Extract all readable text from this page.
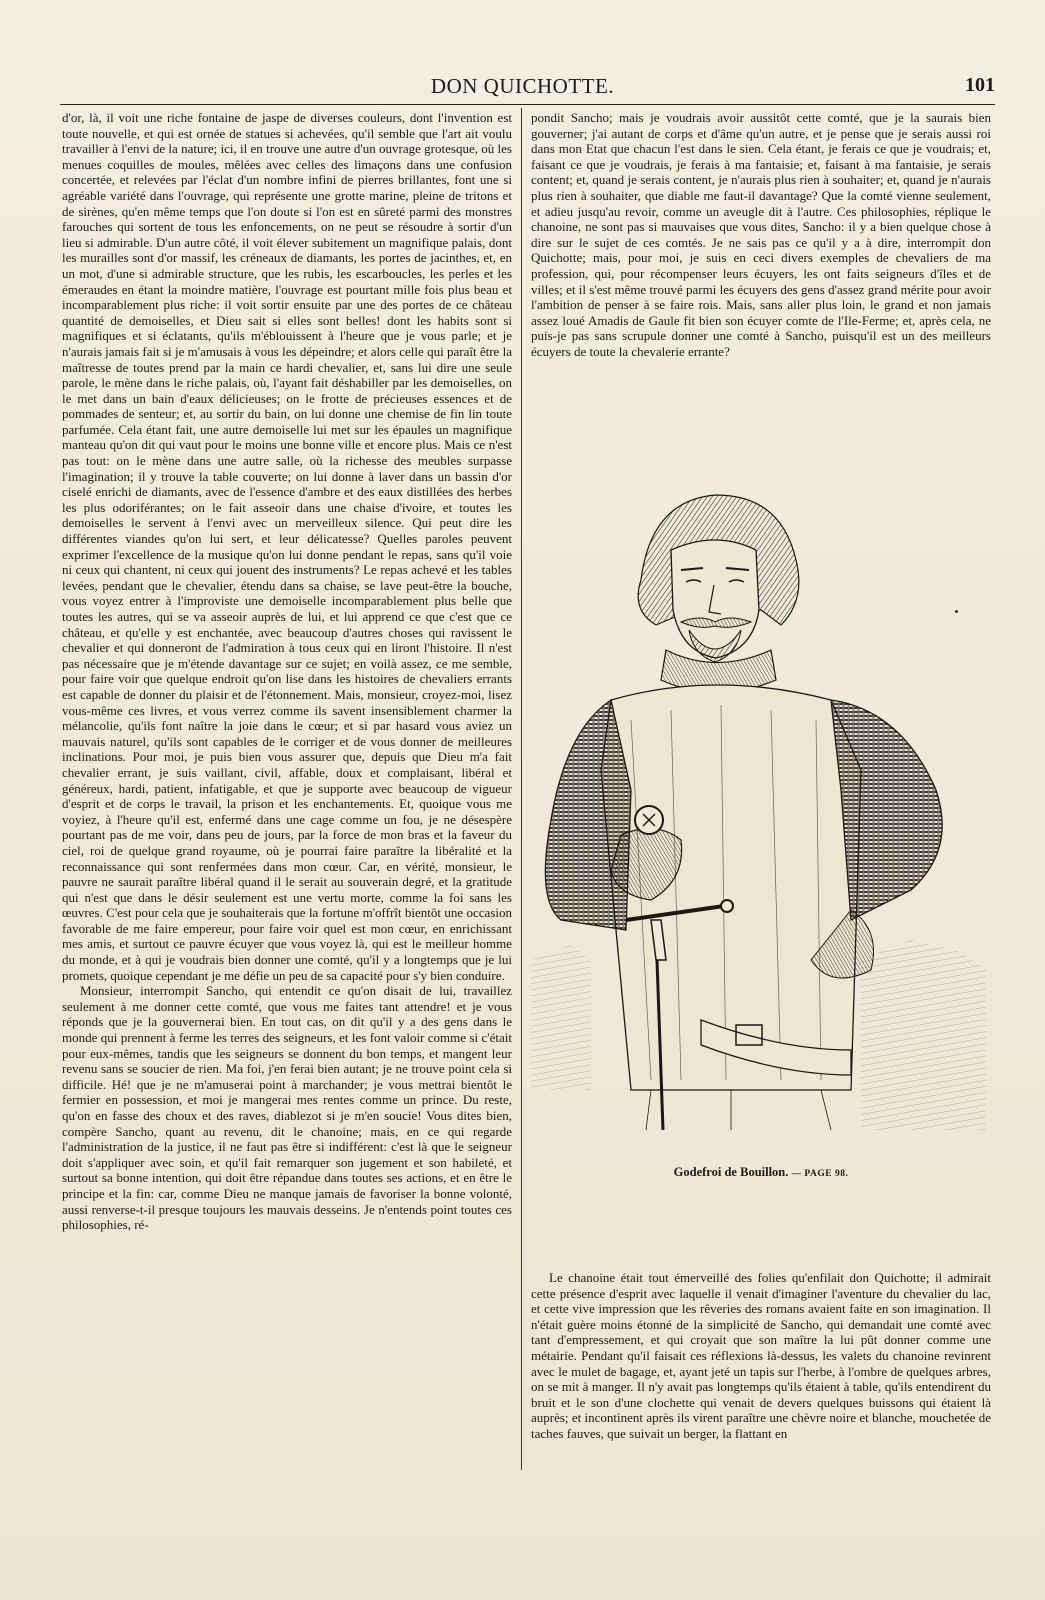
DON QUICHOTTE.	101

d'or, là, il voit une riche fontaine de jaspe de diverses couleurs, dont l'invention est toute nouvelle, et qui est ornée de statues si achevées, qu'il semble que l'art ait voulu travailler à l'envi de la nature; ici, il en trouve une autre d'un ouvrage grotesque, où les menues coquilles de moules, mêlées avec celles des limaçons dans une confusion concertée, et relevées par l'éclat d'un nombre infini de pierres brillantes, font une si agréable variété dans l'ouvrage, qui représente une grotte marine, pleine de tritons et de sirènes, qu'en même temps que l'on doute si l'on est en sûreté parmi des monstres farouches qui sortent de tous les enfoncements, on ne peut se résoudre à sortir d'un lieu si admirable. D'un autre côté, il voit élever subitement un magnifique palais, dont les murailles sont d'or massif, les créneaux de diamants, les portes de jacinthes, et, en un mot, d'une si admirable structure, que les rubis, les escarboucles, les perles et les émeraudes en étant la moindre matière, l'ouvrage est pourtant mille fois plus beau et incomparablement plus riche: il voit sortir ensuite par une des portes de ce château quantité de demoiselles, et Dieu sait si elles sont belles! dont les habits sont si magnifiques et si éclatants, qu'ils m'éblouissent à l'heure que je vous parle; et je n'aurais jamais fait si je m'amusais à vous les dépeindre; et alors celle qui paraît être la maîtresse de toutes prend par la main ce hardi chevalier, et, sans lui dire une seule parole, le mène dans le riche palais, où, l'ayant fait déshabiller par les demoiselles, on le met dans un bain d'eaux délicieuses; on le frotte de précieuses essences et de pommades de senteur; et, au sortir du bain, on lui donne une chemise de fin lin toute parfumée. Cela étant fait, une autre demoiselle lui met sur les épaules un magnifique manteau qu'on dit qui vaut pour le moins une bonne ville et encore plus. Mais ce n'est pas tout: on le mène dans une autre salle, où la richesse des meubles surpasse l'imagination; il y trouve la table couverte; on lui donne à laver dans un bassin d'or ciselé enrichi de diamants, avec de l'essence d'ambre et des eaux distillées des herbes les plus odoriférantes; on le fait asseoir dans une chaise d'ivoire, et toutes les demoiselles le servent à l'envi avec un merveilleux silence. Qui peut dire les différentes viandes qu'on lui sert, et leur délicatesse? Quelles paroles peuvent exprimer l'excellence de la musique qu'on lui donne pendant le repas, sans qu'il voie ni ceux qui chantent, ni ceux qui jouent des instruments? Le repas achevé et les tables levées, pendant que le chevalier, étendu dans sa chaise, se lave peut-être la bouche, vous voyez entrer à l'improviste une demoiselle incomparablement plus belle que toutes les autres, qui se va asseoir auprès de lui, et lui apprend ce que c'est que ce château, et qu'elle y est enchantée, avec beaucoup d'autres choses qui ravissent le chevalier et qui donneront de l'admiration à tous ceux qui en liront l'histoire. Il n'est pas nécessaire que je m'étende davantage sur ce sujet; en voilà assez, ce me semble, pour faire voir que quelque endroit qu'on lise dans les histoires de chevaliers errants est capable de donner du plaisir et de l'étonnement. Mais, monsieur, croyez-moi, lisez vous-même ces livres, et vous verrez comme ils savent insensiblement charmer la mélancolie, qu'ils font naître la joie dans le cœur; et si par hasard vous aviez un mauvais naturel, qu'ils sont capables de le corriger et de vous donner de meilleures inclinations. Pour moi, je puis bien vous assurer que, depuis que Dieu m'a fait chevalier errant, je suis vaillant, civil, affable, doux et complaisant, libéral et généreux, hardi, patient, infatigable, et que je supporte avec beaucoup de vigueur d'esprit et de corps le travail, la prison et les enchantements. Et, quoique vous me voyiez, à l'heure qu'il est, enfermé dans une cage comme un fou, je ne désespère pourtant pas de me voir, dans peu de jours, par la force de mon bras et la faveur du ciel, roi de quelque grand royaume, où je pourrai faire paraître la libéralité et la reconnaissance qui sont renfermées dans mon cœur. Car, en vérité, monsieur, le pauvre ne saurait paraître libéral quand il le serait au souverain degré, et la gratitude qui n'est que dans le désir seulement est une vertu morte, comme la foi sans les œuvres. C'est pour cela que je souhaiterais que la fortune m'offrît bientôt une occasion favorable de me faire empereur, pour faire voir quel est mon cœur, en enrichissant mes amis, et surtout ce pauvre écuyer que vous voyez là, qui est le meilleur homme du monde, et à qui je voudrais bien donner une comté, qu'il y a longtemps que je lui promets, quoique cependant je me défie un peu de sa capacité pour s'y bien conduire.

Monsieur, interrompit Sancho, qui entendit ce qu'on disait de lui, travaillez seulement à me donner cette comté, que vous me faites tant attendre! et je vous réponds que je la gouvernerai bien. En tout cas, on dit qu'il y a des gens dans le monde qui prennent à ferme les terres des seigneurs, et les font valoir comme si c'était pour eux-mêmes, tandis que les seigneurs se donnent du bon temps, et mangent leur revenu sans se soucier de rien. Ma foi, j'en ferai bien autant; je ne trouve point cela si difficile. Hé! que je ne m'amuserai point à marchander; je vous mettrai bientôt le fermier en possession, et moi je mangerai mes rentes comme un prince. Du reste, qu'on en fasse des choux et des raves, diablezot si je m'en soucie! Vous dites bien, compère Sancho, quant au revenu, dit le chanoine; mais, en ce qui regarde l'administration de la justice, il ne faut pas être si indifférent: c'est là que le seigneur doit s'appliquer avec soin, et qu'il fait remarquer son jugement et son habileté, et surtout sa bonne intention, qui doit être répandue dans toutes ses actions, et en être le principe et la fin: car, comme Dieu ne manque jamais de favoriser la bonne volonté, aussi renverse-t-il presque toujours les mauvais desseins. Je n'entends point toutes ces philosophies, ré-

pondit Sancho; mais je voudrais avoir aussitôt cette comté, que je la saurais bien gouverner; j'ai autant de corps et d'âme qu'un autre, et je pense que je serais aussi roi dans mon Etat que chacun l'est dans le sien. Cela étant, je ferais ce que je voudrais; et, faisant ce que je voudrais, je ferais à ma fantaisie; et, faisant à ma fantaisie, je serais content; et, quand je serais content, je n'aurais plus rien à souhaiter; et, quand je n'aurais plus rien à souhaiter, que diable me faut-il davantage? Que la comté vienne seulement, et adieu jusqu'au revoir, comme un aveugle dit à l'autre. Ces philosophies, réplique le chanoine, ne sont pas si mauvaises que vous dites, Sancho: il y a bien quelque chose à dire sur le sujet de ces comtés. Je ne sais pas ce qu'il y a à dire, interrompit don Quichotte; mais, pour moi, je suis en ceci divers exemples de chevaliers de ma profession, qui, pour récompenser leurs écuyers, les ont faits seigneurs d'îles et de villes; et il s'est même trouvé parmi les écuyers des gens d'assez grand mérite pour avoir l'ambition de penser à se faire rois. Mais, sans aller plus loin, le grand et non jamais assez loué Amadis de Gaule fit bien son écuyer comte de l'Ile-Ferme; et, après cela, ne puis-je pas sans scrupule donner une comté à Sancho, puisqu'il est un des meilleurs écuyers de toute la chevalerie errante?

Godefroi de Bouillon. — PAGE 98.

Le chanoine était tout émerveillé des folies qu'enfilait don Quichotte; il admirait cette présence d'esprit avec laquelle il venait d'imaginer l'aventure du chevalier du lac, et cette vive impression que les rêveries des romans avaient faite en son imagination. Il n'était guère moins étonné de la simplicité de Sancho, qui demandait une comté avec tant d'empressement, et qui croyait que son maître la lui pût donner comme une métairie. Pendant qu'il faisait ces réflexions là-dessus, les valets du chanoine revinrent avec le mulet de bagage, et, ayant jeté un tapis sur l'herbe, à l'ombre de quelques arbres, on se mit à manger. Il n'y avait pas longtemps qu'ils étaient à table, qu'ils entendirent du bruit et le son d'une clochette qui venait de devers quelques buissons qui étaient là auprès; et incontinent après ils virent paraître une chèvre noire et blanche, mouchetée de taches fauves, que suivait un berger, la flattant en
